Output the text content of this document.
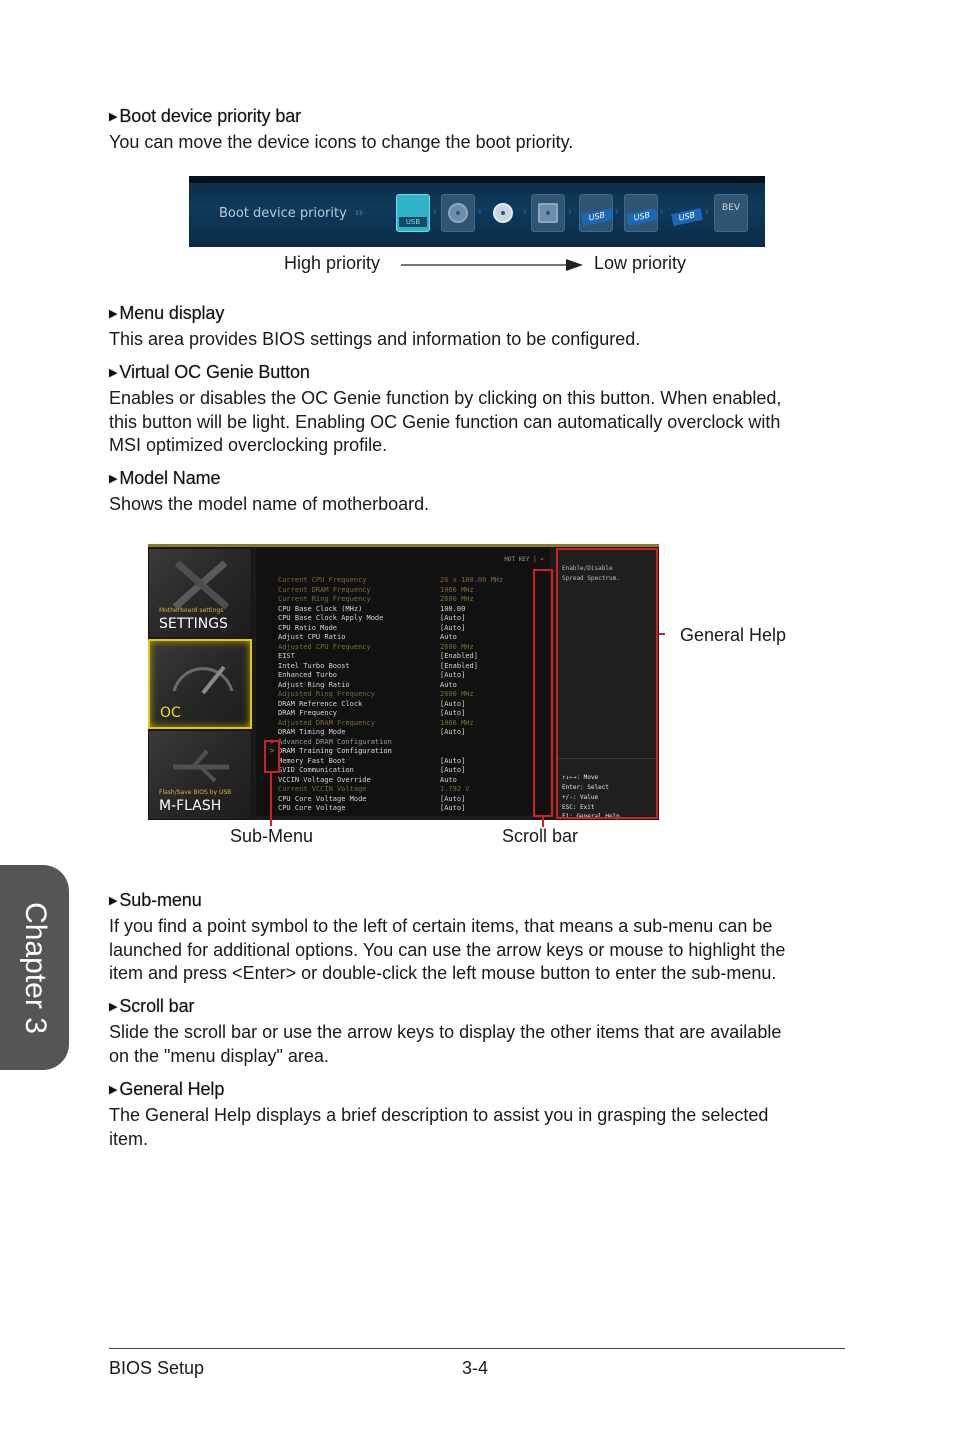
▶ Boot device priority bar
You can move the device icons to change the boot priority.
Boot device priority ››
USB
›	›	›	›	USB ›	USB ›	USB ›	BEV
High priority	Low priority
▶ Menu display
This area provides BIOS settings and information to be configured.
▶ Virtual OC Genie Button
Enables or disables the OC Genie function by clicking on this button. When enabled,
this button will be light. Enabling OC Genie function can automatically overclock with
MSI optimized overclocking profile.
▶ Model Name
Shows the model name of motherboard.
Motherboard settings
SETTINGS
OC
Flash/Save BIOS by USB
M-FLASH
HOT KEY | ↶
Current CPU Frequency	26 x 100.00 MHz
Current DRAM Frequency	1066 MHz
Current Ring Frequency	2600 MHz
CPU Base Clock (MHz)	100.00
CPU Base Clock Apply Mode	[Auto]
CPU Ratio Mode	[Auto]
Adjust CPU Ratio	Auto
Adjusted CPU Frequency	2600 MHz
EIST	[Enabled]
Intel Turbo Boost	[Enabled]
Enhanced Turbo	[Auto]
Adjust Ring Ratio	Auto
Adjusted Ring Frequency	2600 MHz
DRAM Reference Clock	[Auto]
DRAM Frequency	[Auto]
Adjusted DRAM Frequency	1066 MHz
DRAM Timing Mode	[Auto]
Advanced DRAM Configuration
>
DRAM Training Configuration
>
Memory Fast Boot	[Auto]
SVID Communication	[Auto]
VCCIN Voltage Override	Auto
Current VCCIN Voltage	1.792 V
CPU Core Voltage Mode	[Auto]
CPU Core Voltage	[Auto]
Enable/Disable
Spread Spectrum.
↑↓←→: Move
Enter: Select
+/-: Value
ESC: Exit
F1: General Help
General Help
Sub-Menu	Scroll bar
▶ Sub-menu
If you find a point symbol to the left of certain items, that means a sub-menu can be
launched for additional options. You can use the arrow keys or mouse to highlight the
item and press <Enter> or double-click the left mouse button to enter the sub-menu.
▶ Scroll bar
Slide the scroll bar or use the arrow keys to display the other items that are available
on the "menu display" area.
▶ General Help
The General Help displays a brief description to assist you in grasping the selected
item.
Chapter 3
BIOS Setup	3-4
